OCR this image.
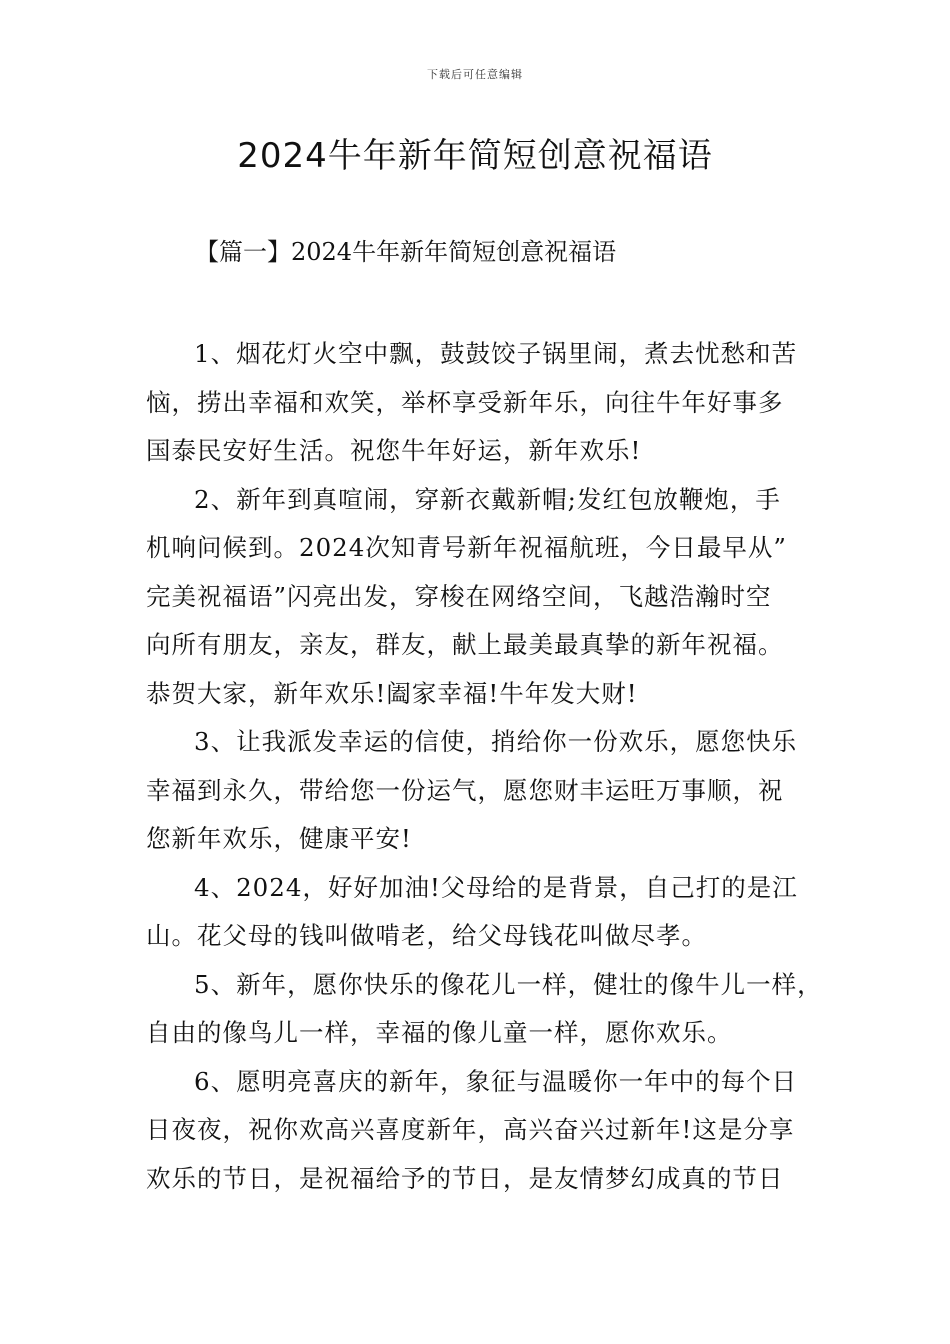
下载后可任意编辑
2024牛年新年简短创意祝福语
【篇一】2024牛年新年简短创意祝福语
1、烟花灯火空中飘，鼓鼓饺子锅里闹，煮去忧愁和苦
恼，捞出幸福和欢笑，举杯享受新年乐，向往牛年好事多
国泰民安好生活。祝您牛年好运，新年欢乐!
2、新年到真喧闹，穿新衣戴新帽;发红包放鞭炮，手
机响问候到。2024次知青号新年祝福航班，今日最早从”
完美祝福语”闪亮出发，穿梭在网络空间，飞越浩瀚时空
向所有朋友，亲友，群友，献上最美最真挚的新年祝福。
恭贺大家，新年欢乐!阖家幸福!牛年发大财!
3、让我派发幸运的信使，捎给你一份欢乐，愿您快乐
幸福到永久，带给您一份运气，愿您财丰运旺万事顺，祝
您新年欢乐，健康平安!
4、2024，好好加油!父母给的是背景，自己打的是江
山。花父母的钱叫做啃老，给父母钱花叫做尽孝。
5、新年，愿你快乐的像花儿一样，健壮的像牛儿一样，
自由的像鸟儿一样，幸福的像儿童一样，愿你欢乐。
6、愿明亮喜庆的新年，象征与温暖你一年中的每个日
日夜夜，祝你欢高兴喜度新年，高兴奋兴过新年!这是分享
欢乐的节日，是祝福给予的节日，是友情梦幻成真的节日
